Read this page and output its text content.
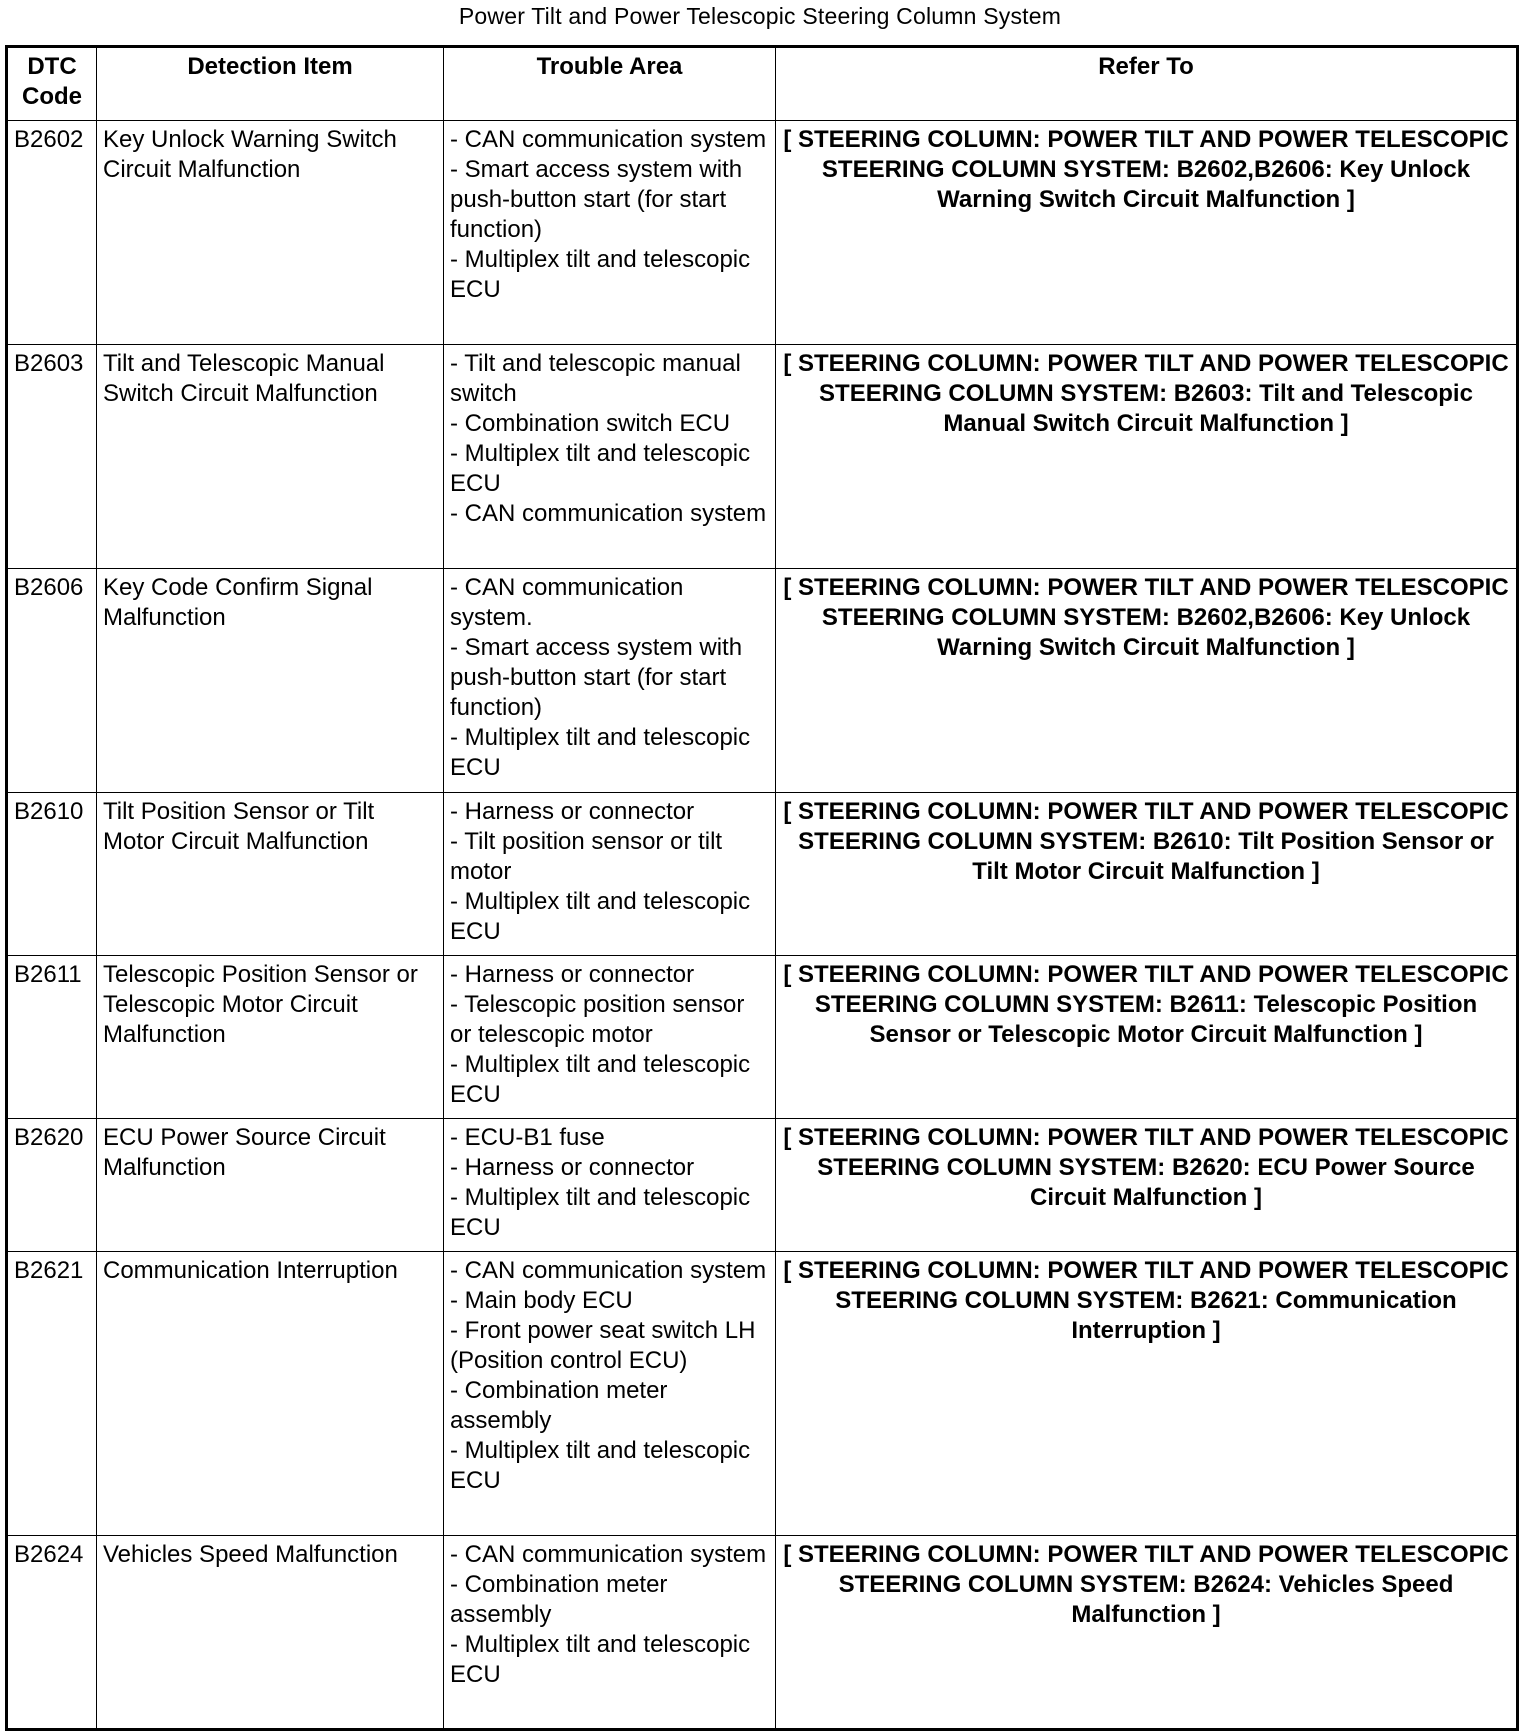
Power Tilt and Power Telescopic Steering Column System
DTC Code	Detection Item	Trouble Area	Refer To
B2602	Key Unlock Warning Switch Circuit Malfunction	- CAN communication system
- Smart access system with push-button start (for start function)
- Multiplex tilt and telescopic ECU	[ STEERING COLUMN: POWER TILT AND POWER TELESCOPIC STEERING COLUMN SYSTEM: B2602,B2606: Key Unlock Warning Switch Circuit Malfunction ]
B2603	Tilt and Telescopic Manual Switch Circuit Malfunction	- Tilt and telescopic manual switch
- Combination switch ECU
- Multiplex tilt and telescopic ECU
- CAN communication system	[ STEERING COLUMN: POWER TILT AND POWER TELESCOPIC STEERING COLUMN SYSTEM: B2603: Tilt and Telescopic Manual Switch Circuit Malfunction ]
B2606	Key Code Confirm Signal Malfunction	- CAN communication system.
- Smart access system with push-button start (for start function)
- Multiplex tilt and telescopic ECU	[ STEERING COLUMN: POWER TILT AND POWER TELESCOPIC STEERING COLUMN SYSTEM: B2602,B2606: Key Unlock Warning Switch Circuit Malfunction ]
B2610	Tilt Position Sensor or Tilt Motor Circuit Malfunction	- Harness or connector
- Tilt position sensor or tilt motor
- Multiplex tilt and telescopic ECU	[ STEERING COLUMN: POWER TILT AND POWER TELESCOPIC STEERING COLUMN SYSTEM: B2610: Tilt Position Sensor or Tilt Motor Circuit Malfunction ]
B2611	Telescopic Position Sensor or Telescopic Motor Circuit Malfunction	- Harness or connector
- Telescopic position sensor or telescopic motor
- Multiplex tilt and telescopic ECU	[ STEERING COLUMN: POWER TILT AND POWER TELESCOPIC STEERING COLUMN SYSTEM: B2611: Telescopic Position Sensor or Telescopic Motor Circuit Malfunction ]
B2620	ECU Power Source Circuit Malfunction	- ECU-B1 fuse
- Harness or connector
- Multiplex tilt and telescopic ECU	[ STEERING COLUMN: POWER TILT AND POWER TELESCOPIC STEERING COLUMN SYSTEM: B2620: ECU Power Source Circuit Malfunction ]
B2621	Communication Interruption	- CAN communication system
- Main body ECU
- Front power seat switch LH (Position control ECU)
- Combination meter assembly
- Multiplex tilt and telescopic ECU	[ STEERING COLUMN: POWER TILT AND POWER TELESCOPIC STEERING COLUMN SYSTEM: B2621: Communication Interruption ]
B2624	Vehicles Speed Malfunction	- CAN communication system
- Combination meter assembly
- Multiplex tilt and telescopic ECU	[ STEERING COLUMN: POWER TILT AND POWER TELESCOPIC STEERING COLUMN SYSTEM: B2624: Vehicles Speed Malfunction ]
